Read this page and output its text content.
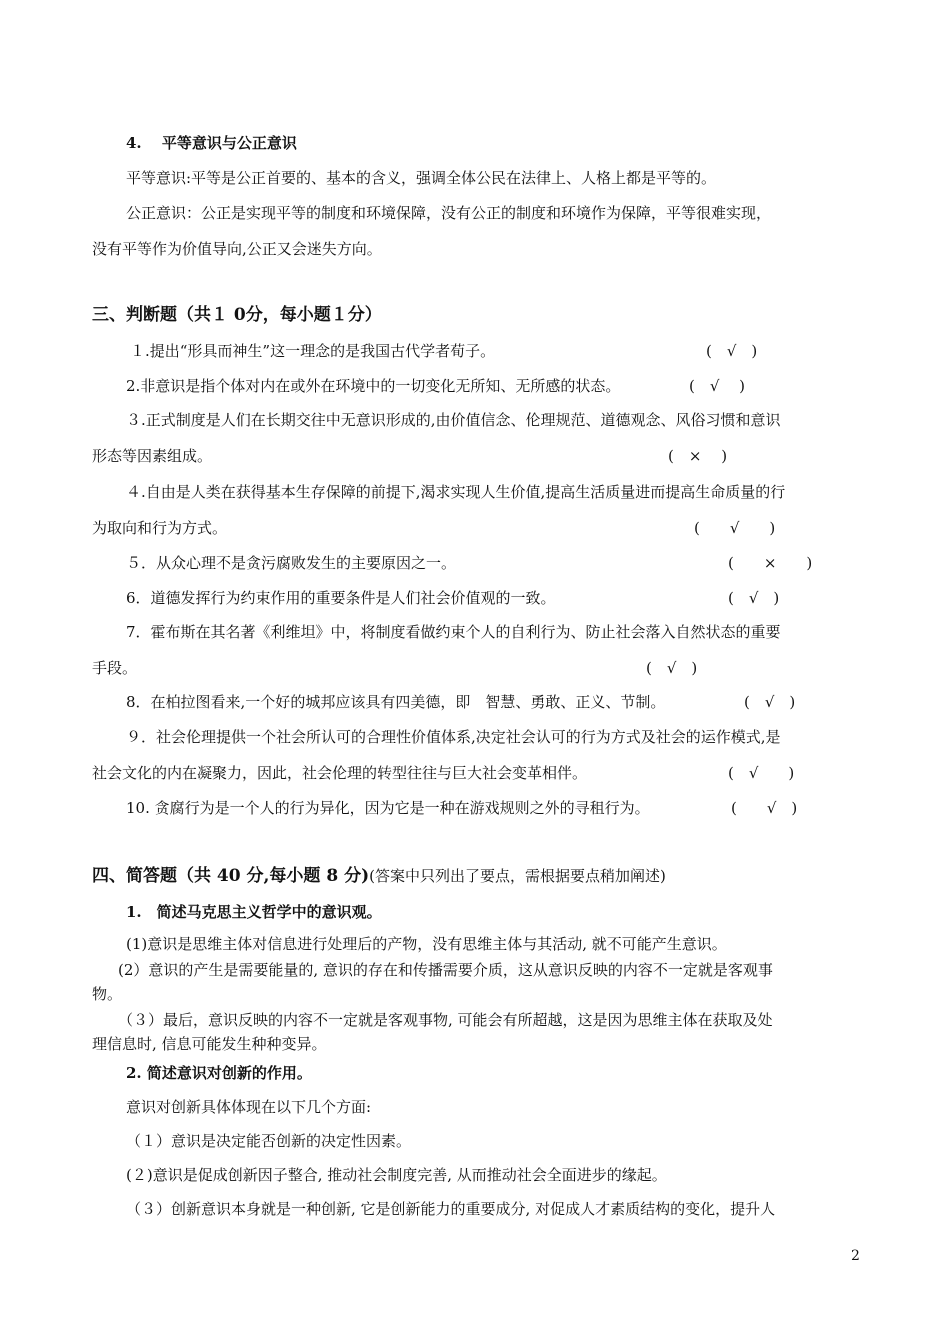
4.　 平等意识与公正意识
平等意识:平等是公正首要的、基本的含义，强调全体公民在法律上、人格上都是平等的。
公正意识：公正是实现平等的制度和环境保障，没有公正的制度和环境作为保障，平等很难实现，
没有平等作为价值导向,公正又会迷失方向。
三、判断题（共１ 0分，每小题１分）
１.提出“形具而神生”这一理念的是我国古代学者荀子。	(　√　)
2.非意识是指个体对内在或外在环境中的一切变化无所知、无所感的状态。	(　√　 )
３.正式制度是人们在长期交往中无意识形成的,由价值信念、伦理规范、道德观念、风俗习惯和意识
形态等因素组成。	(　×　 )
４.自由是人类在获得基本生存保障的前提下,渴求实现人生价值,提高生活质量进而提高生命质量的行
为取向和行为方式。	(　　√　　)
５．从众心理不是贪污腐败发生的主要原因之一。	(　　×　　)
6．道德发挥行为约束作用的重要条件是人们社会价值观的一致。	(　√　)
7．霍布斯在其名著《利维坦》中，将制度看做约束个人的自利行为、防止社会落入自然状态的重要
手段。	(　√　)
8．在柏拉图看来,一个好的城邦应该具有四美德，即　智慧、勇敢、正义、节制。	(　√　)
９．社会伦理提供一个社会所认可的合理性价值体系,决定社会认可的行为方式及社会的运作模式,是
社会文化的内在凝聚力，因此，社会伦理的转型往往与巨大社会变革相伴。	(　√　　)
10. 贪腐行为是一个人的行为异化，因为它是一种在游戏规则之外的寻租行为。	(　　√　)
四、简答题（共 40 分,每小题 8 分)(答案中只列出了要点，需根据要点稍加阐述)
1.　简述马克思主义哲学中的意识观。
(1)意识是思维主体对信息进行处理后的产物，没有思维主体与其活动, 就不可能产生意识。
(2）意识的产生是需要能量的, 意识的存在和传播需要介质，这从意识反映的内容不一定就是客观事
物。
（３）最后，意识反映的内容不一定就是客观事物, 可能会有所超越，这是因为思维主体在获取及处
理信息时, 信息可能发生种种变异。
2. 简述意识对创新的作用。
意识对创新具体体现在以下几个方面:
（１）意识是决定能否创新的决定性因素。
(２)意识是促成创新因子整合, 推动社会制度完善, 从而推动社会全面进步的缘起。
（３）创新意识本身就是一种创新, 它是创新能力的重要成分, 对促成人才素质结构的变化，提升人
2
